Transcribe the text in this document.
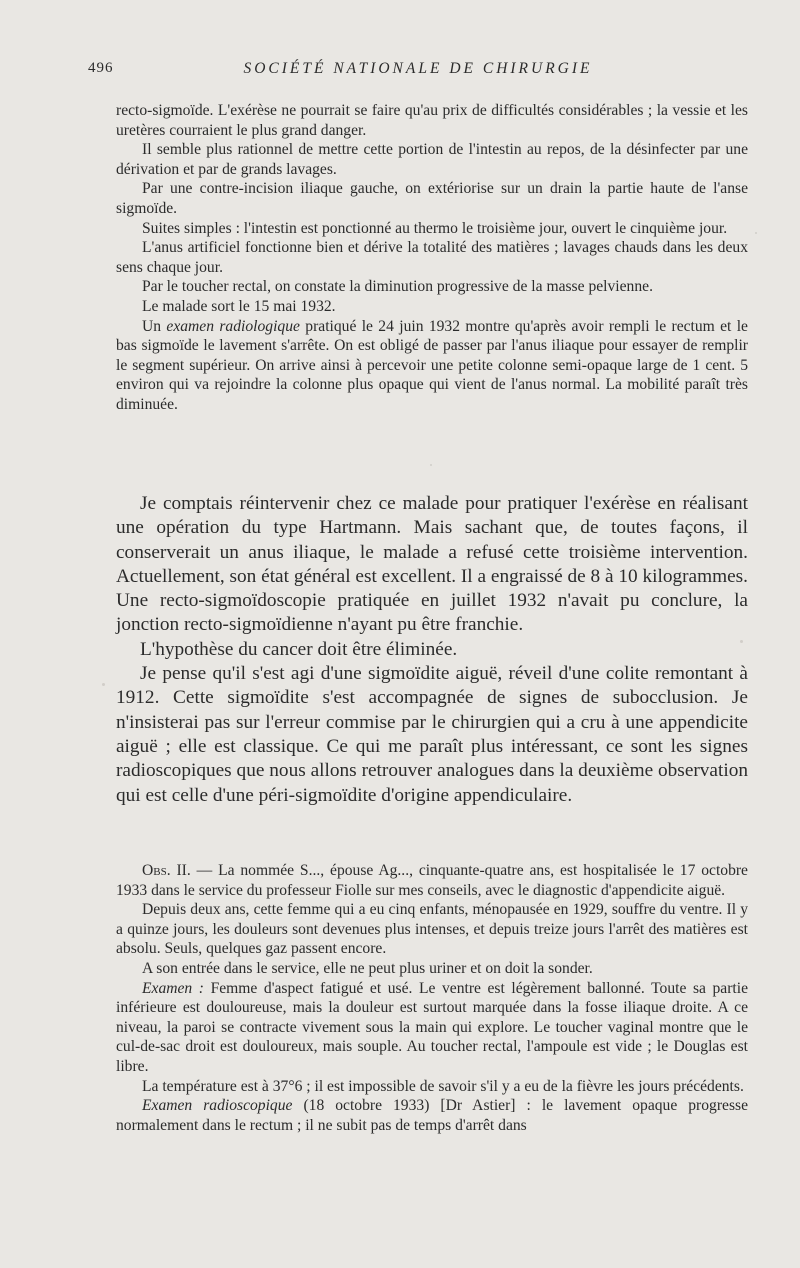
496	SOCIÉTÉ NATIONALE DE CHIRURGIE

recto-sigmoïde. L'exérèse ne pourrait se faire qu'au prix de difficultés considérables ; la vessie et les uretères courraient le plus grand danger.

Il semble plus rationnel de mettre cette portion de l'intestin au repos, de la désinfecter par une dérivation et par de grands lavages.

Par une contre-incision iliaque gauche, on extériorise sur un drain la partie haute de l'anse sigmoïde.

Suites simples : l'intestin est ponctionné au thermo le troisième jour, ouvert le cinquième jour.

L'anus artificiel fonctionne bien et dérive la totalité des matières ; lavages chauds dans les deux sens chaque jour.

Par le toucher rectal, on constate la diminution progressive de la masse pelvienne.

Le malade sort le 15 mai 1932.

Un examen radiologique pratiqué le 24 juin 1932 montre qu'après avoir rempli le rectum et le bas sigmoïde le lavement s'arrête. On est obligé de passer par l'anus iliaque pour essayer de remplir le segment supérieur. On arrive ainsi à percevoir une petite colonne semi-opaque large de 1 cent. 5 environ qui va rejoindre la colonne plus opaque qui vient de l'anus normal. La mobilité paraît très diminuée.

Je comptais réintervenir chez ce malade pour pratiquer l'exérèse en réalisant une opération du type Hartmann. Mais sachant que, de toutes façons, il conserverait un anus iliaque, le malade a refusé cette troisième intervention. Actuellement, son état général est excellent. Il a engraissé de 8 à 10 kilogrammes. Une recto-sigmoïdoscopie pratiquée en juillet 1932 n'avait pu conclure, la jonction recto-sigmoïdienne n'ayant pu être franchie.

L'hypothèse du cancer doit être éliminée.

Je pense qu'il s'est agi d'une sigmoïdite aiguë, réveil d'une colite remontant à 1912. Cette sigmoïdite s'est accompagnée de signes de subocclusion. Je n'insisterai pas sur l'erreur commise par le chirurgien qui a cru à une appendicite aiguë ; elle est classique. Ce qui me paraît plus intéressant, ce sont les signes radioscopiques que nous allons retrouver analogues dans la deuxième observation qui est celle d'une péri-sigmoïdite d'origine appendiculaire.

Obs. II. — La nommée S..., épouse Ag..., cinquante-quatre ans, est hospitalisée le 17 octobre 1933 dans le service du professeur Fiolle sur mes conseils, avec le diagnostic d'appendicite aiguë.

Depuis deux ans, cette femme qui a eu cinq enfants, ménopausée en 1929, souffre du ventre. Il y a quinze jours, les douleurs sont devenues plus intenses, et depuis treize jours l'arrêt des matières est absolu. Seuls, quelques gaz passent encore.

A son entrée dans le service, elle ne peut plus uriner et on doit la sonder.

Examen : Femme d'aspect fatigué et usé. Le ventre est légèrement ballonné. Toute sa partie inférieure est douloureuse, mais la douleur est surtout marquée dans la fosse iliaque droite. A ce niveau, la paroi se contracte vivement sous la main qui explore. Le toucher vaginal montre que le cul-de-sac droit est douloureux, mais souple. Au toucher rectal, l'ampoule est vide ; le Douglas est libre.

La température est à 37°6 ; il est impossible de savoir s'il y a eu de la fièvre les jours précédents.

Examen radioscopique (18 octobre 1933) [Dr Astier] : le lavement opaque progresse normalement dans le rectum ; il ne subit pas de temps d'arrêt dans
